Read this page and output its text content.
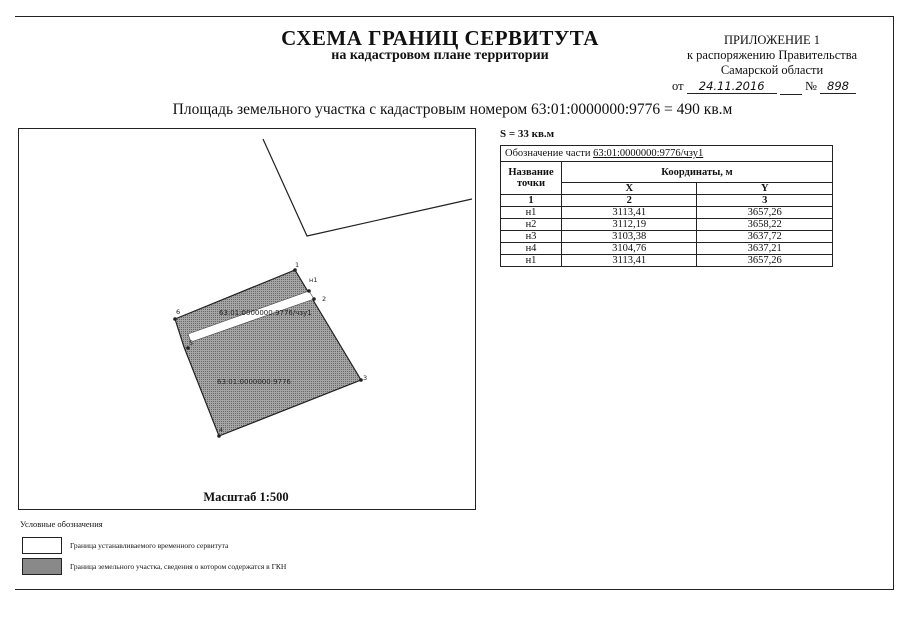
СХЕМА ГРАНИЦ СЕРВИТУТА
на кадастровом плане территории
ПРИЛОЖЕНИЕ 1
к распоряжению Правительства
Самарской области
от 24.11.2016	№ 898
Площадь земельного участка с кадастровым номером 63:01:0000000:9776 = 490 кв.м
1
н1
2
3
4
5
6	63:01:0000000:9776/чзу1
63:01:0000000:9776
Масштаб 1:500
S = 33 кв.м
Обозначение части 63:01:0000000:9776/чзу1		
Название точки	Координаты, м	
	X	Y
1	2	3
н1	3113,41	3657,26
н2	3112,19	3658,22
н3	3103,38	3637,72
н4	3104,76	3637,21
н1	3113,41	3657,26
Условные обозначения
Граница устанавливаемого временного сервитута
Граница земельного участка, сведения о котором содержатся в ГКН
